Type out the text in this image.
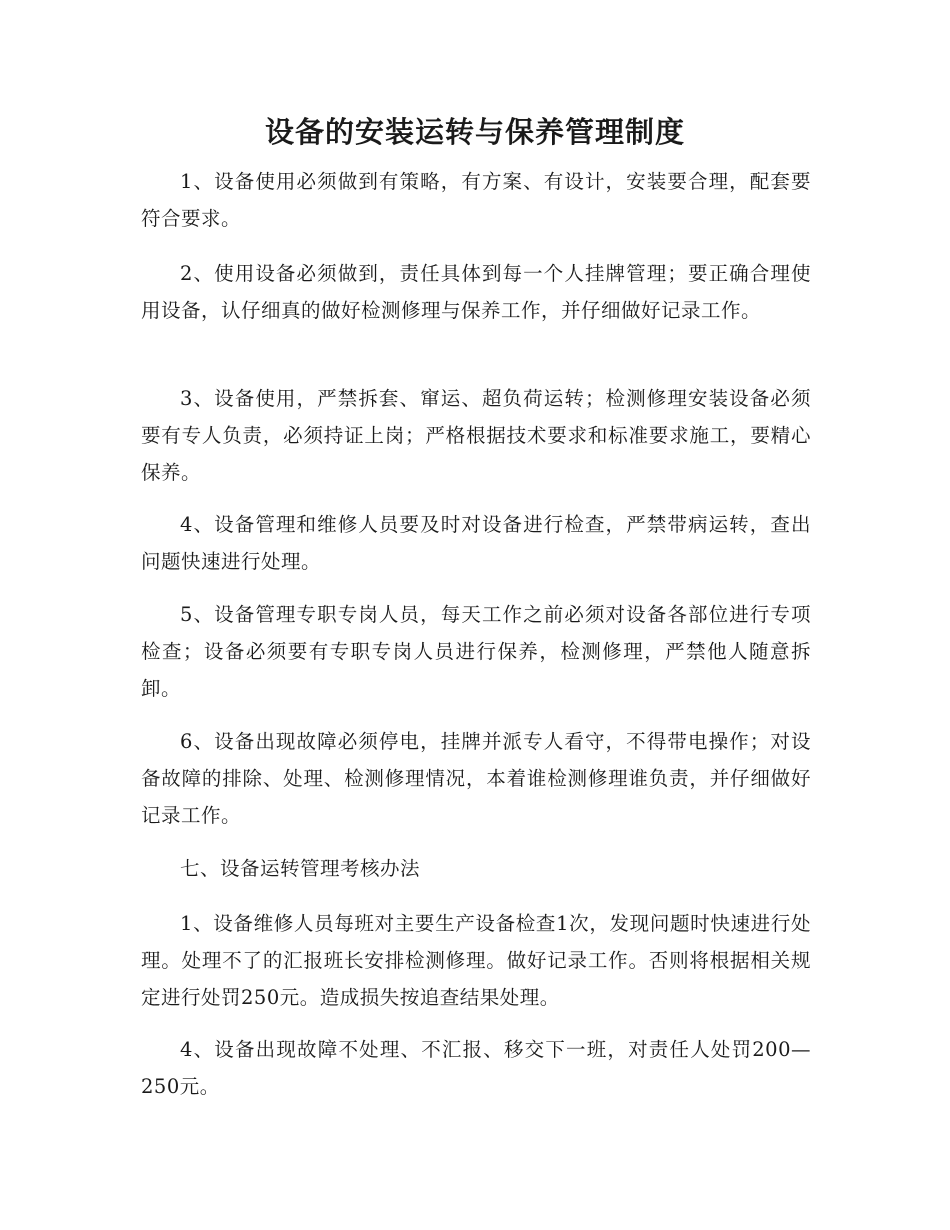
设备的安装运转与保养管理制度

1、设备使用必须做到有策略，有方案、有设计，安装要合理，配套要符合要求。

2、使用设备必须做到，责任具体到每一个人挂牌管理；要正确合理使用设备，认仔细真的做好检测修理与保养工作，并仔细做好记录工作。

3、设备使用，严禁拆套、窜运、超负荷运转；检测修理安装设备必须要有专人负责，必须持证上岗；严格根据技术要求和标准要求施工，要精心保养。

4、设备管理和维修人员要及时对设备进行检查，严禁带病运转，查出问题快速进行处理。

5、设备管理专职专岗人员，每天工作之前必须对设备各部位进行专项检查；设备必须要有专职专岗人员进行保养，检测修理，严禁他人随意拆卸。

6、设备出现故障必须停电，挂牌并派专人看守，不得带电操作；对设备故障的排除、处理、检测修理情况，本着谁检测修理谁负责，并仔细做好记录工作。

七、设备运转管理考核办法

1、设备维修人员每班对主要生产设备检查1次，发现问题时快速进行处理。处理不了的汇报班长安排检测修理。做好记录工作。否则将根据相关规定进行处罚250元。造成损失按追查结果处理。

4、设备出现故障不处理、不汇报、移交下一班，对责任人处罚200—250元。
